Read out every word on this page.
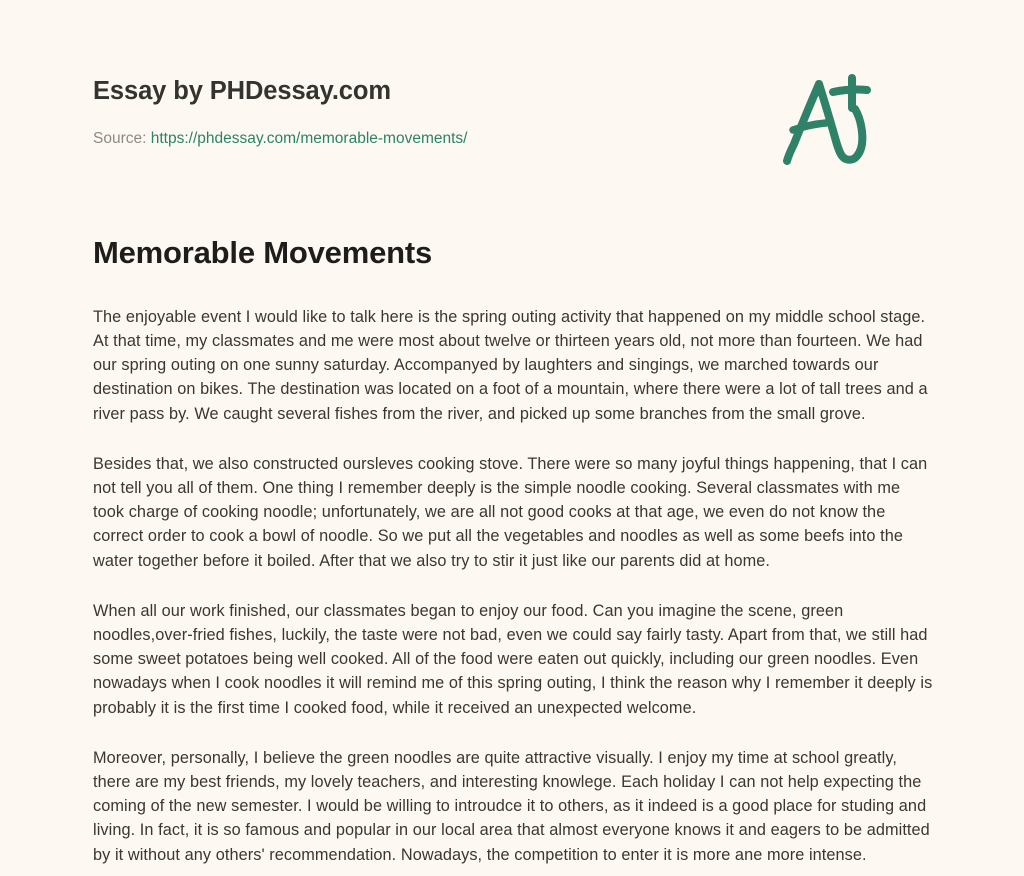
Essay by PHDessay.com
Source: https://phdessay.com/memorable-movements/
Memorable Movements

The enjoyable event I would like to talk here is the spring outing activity that happened on my middle school stage. At that time, my classmates and me were most about twelve or thirteen years old, not more than fourteen. We had our spring outing on one sunny saturday. Accompanyed by laughters and singings, we marched towards our destination on bikes. The destination was located on a foot of a mountain, where there were a lot of tall trees and a river pass by. We caught several fishes from the river, and picked up some branches from the small grove.

Besides that, we also constructed oursleves cooking stove. There were so many joyful things happening, that I can not tell you all of them. One thing I remember deeply is the simple noodle cooking. Several classmates with me took charge of cooking noodle; unfortunately, we are all not good cooks at that age, we even do not know the correct order to cook a bowl of noodle. So we put all the vegetables and noodles as well as some beefs into the water together before it boiled. After that we also try to stir it just like our parents did at home.

When all our work finished, our classmates began to enjoy our food. Can you imagine the scene, green noodles,over-fried fishes, luckily, the taste were not bad, even we could say fairly tasty. Apart from that, we still had some sweet potatoes being well cooked. All of the food were eaten out quickly, including our green noodles. Even nowadays when I cook noodles it will remind me of this spring outing, I think the reason why I remember it deeply is probably it is the first time I cooked food, while it received an unexpected welcome.

Moreover, personally, I believe the green noodles are quite attractive visually. I enjoy my time at school greatly, there are my best friends, my lovely teachers, and interesting knowlege. Each holiday I can not help expecting the coming of the new semester. I would be willing to introudce it to others, as it indeed is a good place for studing and living. In fact, it is so famous and popular in our local area that almost everyone knows it and eagers to be admitted by it without any others' recommendation. Nowadays, the competition to enter it is more ane more intense.
